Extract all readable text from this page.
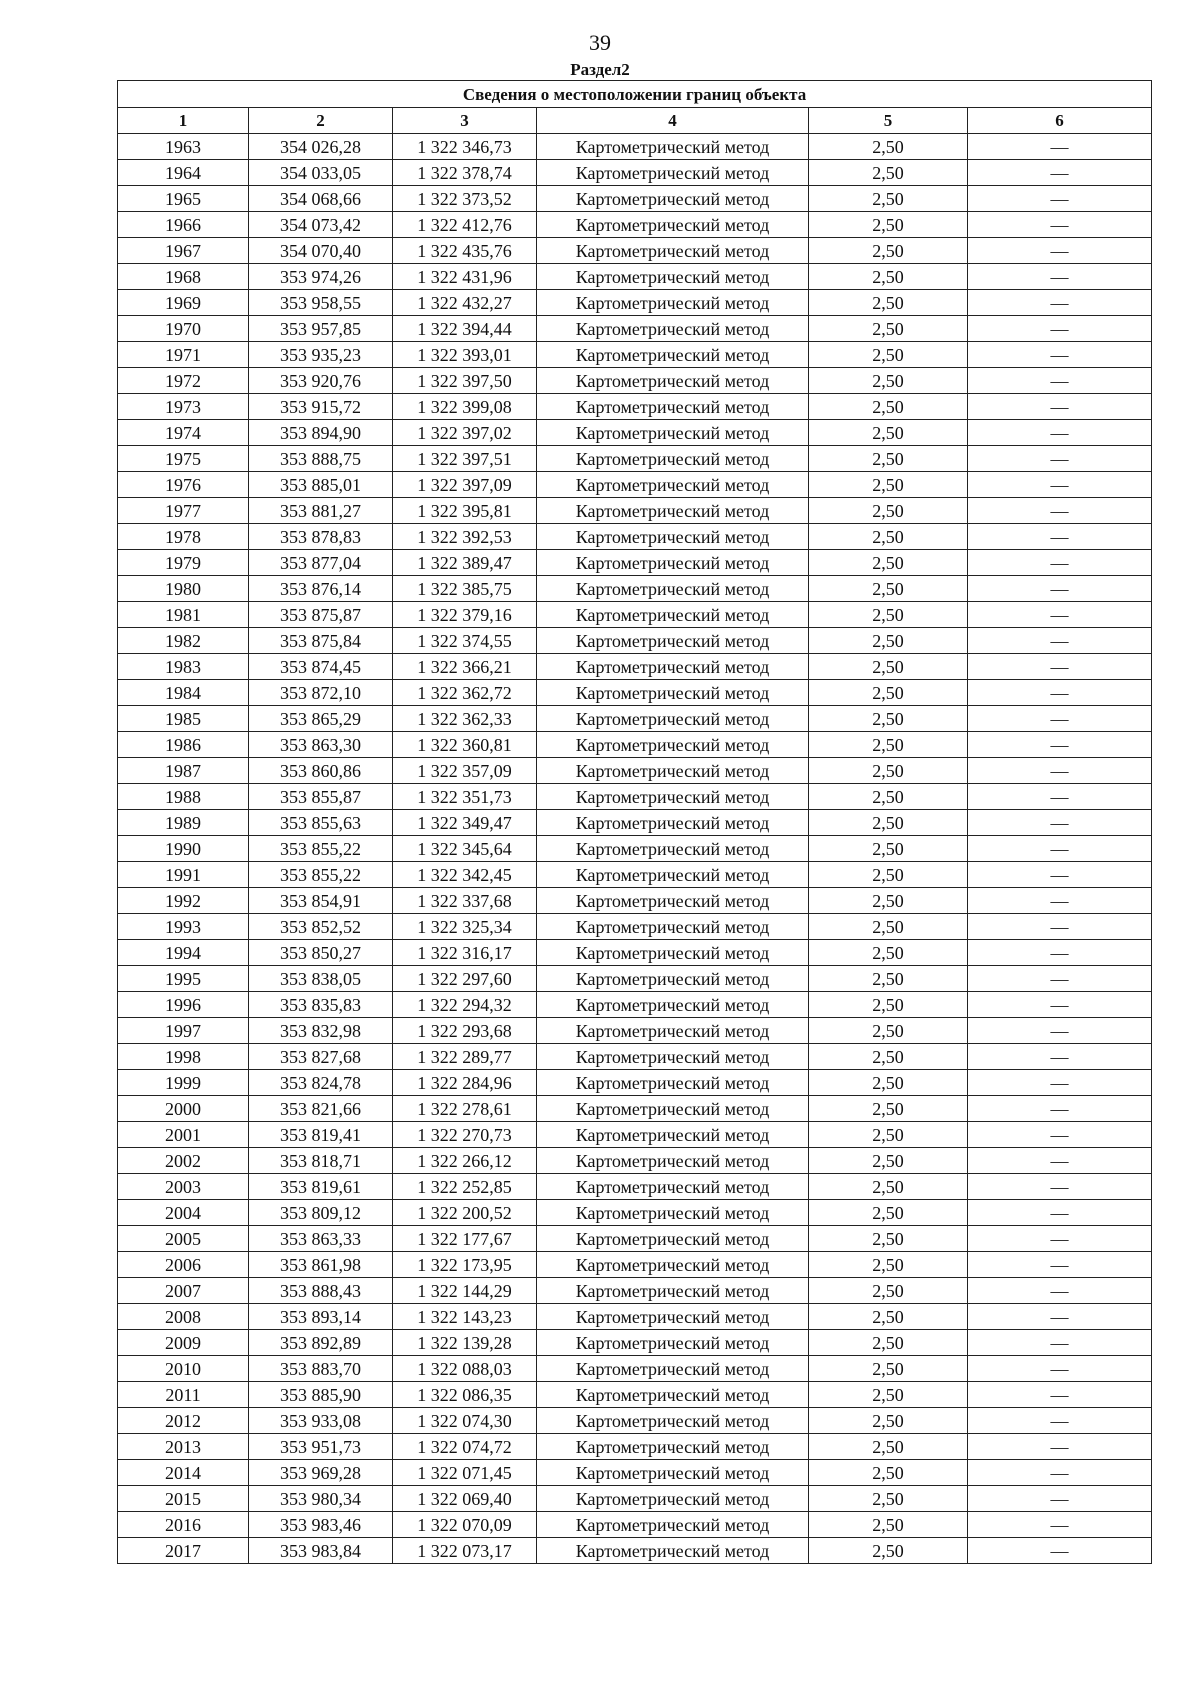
39
Раздел2
Сведения о местоположении границ объекта					
1	2	3	4	5	6
1963	354 026,28	1 322 346,73	Картометрический метод	2,50	—
1964	354 033,05	1 322 378,74	Картометрический метод	2,50	—
1965	354 068,66	1 322 373,52	Картометрический метод	2,50	—
1966	354 073,42	1 322 412,76	Картометрический метод	2,50	—
1967	354 070,40	1 322 435,76	Картометрический метод	2,50	—
1968	353 974,26	1 322 431,96	Картометрический метод	2,50	—
1969	353 958,55	1 322 432,27	Картометрический метод	2,50	—
1970	353 957,85	1 322 394,44	Картометрический метод	2,50	—
1971	353 935,23	1 322 393,01	Картометрический метод	2,50	—
1972	353 920,76	1 322 397,50	Картометрический метод	2,50	—
1973	353 915,72	1 322 399,08	Картометрический метод	2,50	—
1974	353 894,90	1 322 397,02	Картометрический метод	2,50	—
1975	353 888,75	1 322 397,51	Картометрический метод	2,50	—
1976	353 885,01	1 322 397,09	Картометрический метод	2,50	—
1977	353 881,27	1 322 395,81	Картометрический метод	2,50	—
1978	353 878,83	1 322 392,53	Картометрический метод	2,50	—
1979	353 877,04	1 322 389,47	Картометрический метод	2,50	—
1980	353 876,14	1 322 385,75	Картометрический метод	2,50	—
1981	353 875,87	1 322 379,16	Картометрический метод	2,50	—
1982	353 875,84	1 322 374,55	Картометрический метод	2,50	—
1983	353 874,45	1 322 366,21	Картометрический метод	2,50	—
1984	353 872,10	1 322 362,72	Картометрический метод	2,50	—
1985	353 865,29	1 322 362,33	Картометрический метод	2,50	—
1986	353 863,30	1 322 360,81	Картометрический метод	2,50	—
1987	353 860,86	1 322 357,09	Картометрический метод	2,50	—
1988	353 855,87	1 322 351,73	Картометрический метод	2,50	—
1989	353 855,63	1 322 349,47	Картометрический метод	2,50	—
1990	353 855,22	1 322 345,64	Картометрический метод	2,50	—
1991	353 855,22	1 322 342,45	Картометрический метод	2,50	—
1992	353 854,91	1 322 337,68	Картометрический метод	2,50	—
1993	353 852,52	1 322 325,34	Картометрический метод	2,50	—
1994	353 850,27	1 322 316,17	Картометрический метод	2,50	—
1995	353 838,05	1 322 297,60	Картометрический метод	2,50	—
1996	353 835,83	1 322 294,32	Картометрический метод	2,50	—
1997	353 832,98	1 322 293,68	Картометрический метод	2,50	—
1998	353 827,68	1 322 289,77	Картометрический метод	2,50	—
1999	353 824,78	1 322 284,96	Картометрический метод	2,50	—
2000	353 821,66	1 322 278,61	Картометрический метод	2,50	—
2001	353 819,41	1 322 270,73	Картометрический метод	2,50	—
2002	353 818,71	1 322 266,12	Картометрический метод	2,50	—
2003	353 819,61	1 322 252,85	Картометрический метод	2,50	—
2004	353 809,12	1 322 200,52	Картометрический метод	2,50	—
2005	353 863,33	1 322 177,67	Картометрический метод	2,50	—
2006	353 861,98	1 322 173,95	Картометрический метод	2,50	—
2007	353 888,43	1 322 144,29	Картометрический метод	2,50	—
2008	353 893,14	1 322 143,23	Картометрический метод	2,50	—
2009	353 892,89	1 322 139,28	Картометрический метод	2,50	—
2010	353 883,70	1 322 088,03	Картометрический метод	2,50	—
2011	353 885,90	1 322 086,35	Картометрический метод	2,50	—
2012	353 933,08	1 322 074,30	Картометрический метод	2,50	—
2013	353 951,73	1 322 074,72	Картометрический метод	2,50	—
2014	353 969,28	1 322 071,45	Картометрический метод	2,50	—
2015	353 980,34	1 322 069,40	Картометрический метод	2,50	—
2016	353 983,46	1 322 070,09	Картометрический метод	2,50	—
2017	353 983,84	1 322 073,17	Картометрический метод	2,50	—
